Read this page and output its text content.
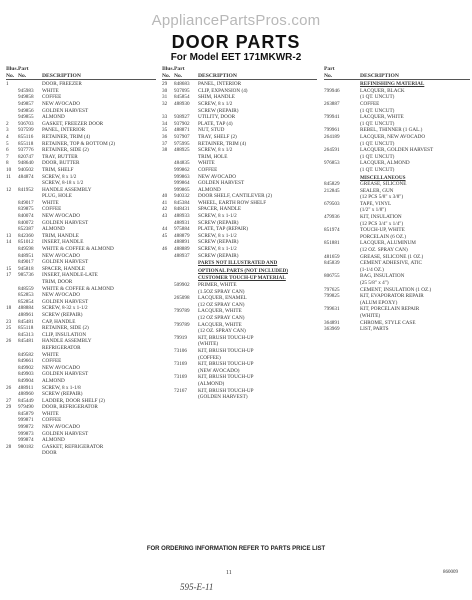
AppliancePartsPros.com
DOOR PARTS
For Model EET 171MKWR-2
Illus. Part
No. No.	DESCRIPTION
1	DOOR, FREEZER
945983	WHITE
949858	COFFEE
949857	NEW AVOCADO
949856	GOLDEN HARVEST
949855	ALMOND
2	936703	GASKET, FREEZER DOOR
3	937599	PANEL, INTERIOR
4	855116	RETAINER, TRIM (4)
5	855118	RETAINER, TOP & BOTTOM (2)
6	937776	RETAINER, SIDE (2)
7	820747	TRAY, BUTTER
8	948640	DOOR, BUTTER
10	940502	TRIM, SHELF
11	484874	SCREW, 8 x 1/2
SCREW, 8-18 x 1/2
12	841952	HANDLE ASSEMBLY
PLUG, HOLE
849017	WHITE
839875	COFFEE
840074	NEW AVOCADO
840072	GOLDEN HARVEST
852387	ALMOND
13	842360	TRIM, HANDLE
14	851012	INSERT, HANDLE
849598	WHITE & COFFEE & ALMOND
848951	NEW AVOCADO
849017	GOLDEN HARVEST
15	945818	SPACER, HANDLE
17	985736	INSERT, HANDLE-LATE
TRIM, DOOR
848559	WHITE & COFFEE & ALMOND
852853	NEW AVOCADO
852854	GOLDEN HARVEST
18	488884	SCREW, 8-32 x 1-1/2
488961	SCREW (REPAIR)
23	845481	CAP, HANDLE
25	855118	RETAINER, SIDE (2)
845313	CLIP, INSULATION
26	845481	HANDLE ASSEMBLY
REFRIGERATOR
849582	WHITE
849661	COFFEE
849902	NEW AVOCADO
849903	GOLDEN HARVEST
849904	ALMOND
26	488911	SCREW, 8 x 1-1/8
488960	SCREW (REPAIR)
27	845449	LADDER, DOOR SHELF (2)
29	979490	DOOR, REFRIGERATOR
845879	WHITE
999871	COFFEE
999872	NEW AVOCADO
999873	GOLDEN HARVEST
999874	ALMOND
28	980182	GASKET, REFRIGERATOR
DOOR
Illus. Part
No. No.	DESCRIPTION
29	848683	PANEL, INTERIOR
30	937095	CLIP, EXPANSION (4)
31	845854	SHIM, HANDLE
32	488930	SCREW, 8 x 1/2
SCREW (REPAIR)
33	938927	UTILITY, DOOR
34	937902	PLATE, TAP (4)
35	488871	NUT, STUD
36	937907	TRAY, SHELF (2)
37	975995	RETAINER, TRIM (4)
38	488925	SCREW, 8 x 1/2
TRIM, HOLE
484835	WHITE
999862	COFFEE
999863	NEW AVOCADO
999864	GOLDEN HARVEST
999865	ALMOND
40	940332	DOOR SHELF, CANTILEVER (2)
41	845384	WHEEL, EARTH ROW SHELF
42	848431	SPACER, HANDLE
43	488933	SCREW, 8 x 1-1/2
488931	SCREW (REPAIR)
44	975884	PLATE, TAP (REPAIR)
45	488879	SCREW, 8 x 1-1/2
488891	SCREW (REPAIR)
46	488889	SCREW, 8 x 1-1/2
488937	SCREW (REPAIR)
PARTS NOT ILLUSTRATED AND
OPTIONAL PARTS (NOT INCLUDED)
CUSTOMER TOUCH-UP MATERIAL
509902	PRIMER, WHITE
(1.5OZ SPRAY CAN)
265098	LACQUER, ENAMEL
(12 OZ SPRAY CAN)
799789	LACQUER, WHITE
(12 OZ SPRAY CAN)
799789	LACQUER, WHITE
(12 OZ. SPRAY CAN)
79919	KIT, BRUSH TOUCH-UP
(WHITE)
73106	KIT, BRUSH TOUCH-UP
(COFFEE)
73169	KIT, BRUSH TOUCH-UP
(NEW AVOCADO)
73169	KIT, BRUSH TOUCH-UP
(ALMOND)
72167	KIT, BRUSH TOUCH-UP
(GOLDEN HARVEST)
Part
No.	DESCRIPTION
REFINISHING MATERIAL
799946	LACQUER, BLACK
(1 QT. UNCUT)
263887	COFFEE
(1 QT. UNCUT)
799941	LACQUER, WHITE
(1 QT. UNCUT)
799961	REBEL, THINNER (1 GAL.)
264189	LACQUER, NEW AVOCADO
(1 QT. UNCUT)
264591	LACQUER, GOLDEN HARVEST
(1 QT. UNCUT)
976853	LACQUER, ALMOND
(1 QT. UNCUT)
MISCELLANEOUS
845829	GREASE, SILICONE
212845	SEALER, GUN
(12 PCS 5/8" x 3/8")
679503	TAPE, VINYL
(1/2" x 1/8")
479936	KIT, INSULATION
(12 PCS 3/4" x 1/4")
851974	TOUCH-UP, WHITE
PORCELAIN (6 OZ.)
851881	LACQUER, ALUMINUM
(12 OZ. SPRAY CAN)
481659	GREASE, SILICONE (1 OZ.)
845839	CEMENT ADHESIVE, ATIC
(1-1/4 OZ.)
806755	BAG, INSULATION
(25 5/8" x 4")
797625	CEMENT, INSULATION (1 OZ.)
799825	KIT, EVAPORATOR REPAIR
(ALUM EPOXY)
799631	KIT, PORCELAIN REPAIR
(WHITE)
364891	CHROME, STYLE CASE
363969	LIST, PARTS
FOR ORDERING INFORMATION REFER TO PARTS PRICE LIST
11	860009
595-E-11
